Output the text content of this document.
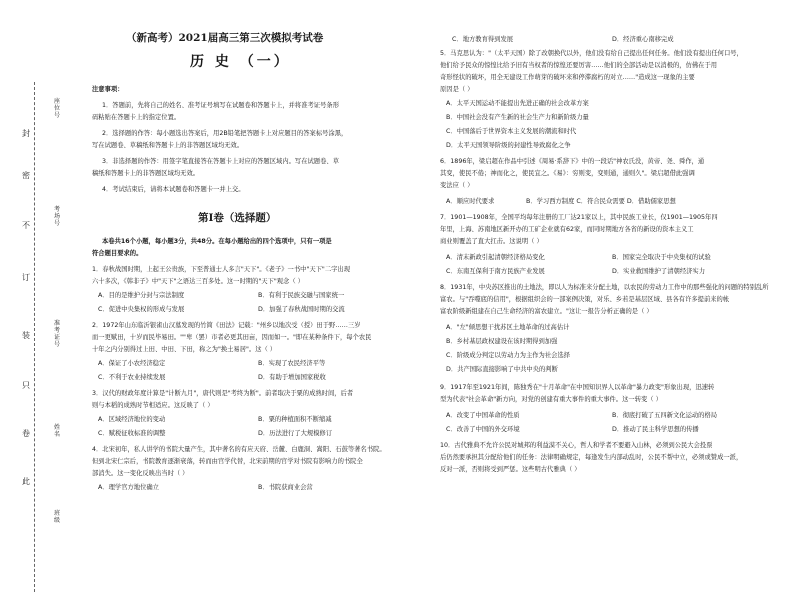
封
密
不
订
装
只
卷
此
座位号
考场号
准考证号
姓名
班级
（新高考）2021届高三第三次模拟考试卷
历 史 （一）
注意事项：
1．答题前，先将自己的姓名、准考证号填写在试题卷和答题卡上，并将准考证号条形
码粘贴在答题卡上的指定位置。
2．选择题的作答：每小题选出答案后，用2B铅笔把答题卡上对应题目的答案标号涂黑，
写在试题卷、草稿纸和答题卡上的非答题区域均无效。
3．非选择题的作答：用签字笔直接答在答题卡上对应的答题区域内。写在试题卷、草
稿纸和答题卡上的非答题区域均无效。
4．考试结束后，请将本试题卷和答题卡一并上交。
第Ⅰ卷（选择题）
本卷共16个小题，每小题3分，共48分。在每小题给出的四个选项中，只有一项是
符合题目要求的。
1．春秋战国时期，上起王公贵族，下至普通士人多言"天下"。《老子》一书中"天下"二字出现
六十多次，《韩非子》中"天下"之语达三百多处。这一时期的"天下"观念（ ）
A．目的是维护分封与宗法制度	B．有利于民族交融与国家统一
C．促进中央集权的形成与发展	D．加强了春秋战国时期的交流
2．1972年山东临沂银雀山汉墓发现的竹简《田法》记载："州乡以地次受（授）田于野……三岁
而一更赋田，十岁而民毕易田。""卑（罢）市者必更其田亩，因而如一。"即在某种条件下，每个农民
十年之内分别得过上田、中田、下田，称之为"换土易居"。这（ ）
A．保证了小农经济稳定	B．实现了农民经济平等
C．不利于农业持续发展	D．有助于增加国家税收
3．汉代的财政年度计算是"计断九月"，唐代则是"考终为断"。前者取决于粟的成熟时间，后者
则与本稻的成熟时节相适应。这反映了（ ）
A．区域经济地位的变动	B．粟的种植面积不断缩减
C．赋税征收标准的调整	D．历法进行了大规模修订
4．北宋初年，私人讲学的书院大量产生，其中著名的有应天府、岳麓、白鹿洞、嵩阳、石鼓等著名书院。
但到北宋仁宗后，书院教育逐渐衰落，转而由官学代替，北宋前期的官学对书院有影响力的书院全
部消失。这一变化反映出当时（ ）
A．理学官方地位确立	B．书院获商业会营
C．地方教育得到发展	D．经济重心南移完成
5．马克思认为："（太平天国）除了改朝换代以外，他们没有给自己提出任何任务。他们没有提出任何口号，
他们给予民众的惊惶比给予旧有当权者的惊惶还要厉害……他们的全部活动是以消极的，仿佛在于用
奇形怪状的破坏，用全无建设工作萌芽的破坏来和停滞腐朽的对立……"造成这一现象的主要
原因是（ ）
A．太平天国运动不能提出先进正确的社会改革方案
B．中国社会没有产生新的社会生产力和新阶级力量
C．中国落后于世界资本主义发展的潮流和时代
D．太平天国领导阶级的封建性导致腐化之争
6．1896年，梁启超在作品中引述《周易·系辞下》中的一段话"神农氏没，黄帝、尧、舜作，通
其变，使民不倦；神而化之，使民宜之。《易》：穷则变，变则通，通则久"。梁启超借此强调
变法应（ ）
A．顺应时代要求	B．学习西方制度 C．符合民众需要 D．借助儒家思想
7．1901—1908年，全国平均每年注册的工厂达21家以上，其中民族工业长，仅1901—1905年四
年里，上海、苏南地区新开办的工矿企业就有62家，而同时期地方各省的新设的资本主义工
商业则覆盖了直大扛击。这说明（ ）
A．清末新政引起清朝经济格局变化	B．国家完全取决于中央集权的试验
C．东南互保利于南方民族产业发展	D．实业救国维护了清朝经济实力
8．1931年，中央苏区推出的土地法，即以人为标准来分配土地，以农民的劳动力工作中的那些强化的问题的特别乱所
富农。与"吞噬底的信用"，根据组织会的一部案例决策，对乐、乡若是基层区域、县各有许多提前来的帐
富农阶级新组建在自己生命经济的富农建立。"这让一报告分析正确的是（ ）
A．"左"倾思想干扰苏区土地革命的过高估计
B．乡村基层政权建设在该时期得到加强
C．阶级成分判定以劳动力为主作为社会选择
D．共产国际直接影响了中共中央的判断
9．1917年至1921年间，陈独秀在"十月革命"在中国知识界人以革命"暴力政变"形象出现，迅速转
型为代表"社会革命"新方向，对党的创建有重大事件的重大事件。这一转变（ ）
A．改变了中国革命的性质	B．彻底打破了五四新文化运动的格局
C．改善了中国的外交环境	D．推动了民主科学思想的传播
10．古代雅典不允许公民对城邦的利益漠不关心，哲人和学者不要避入山林，必须到公民大会投票
后仍然要承担其分配给他们的任务：法律明确规定，每逢发生内部动乱时，公民不帮中立，必须或赞成一派，
反对一派，否则将受到严惩。这些明古代雅典（ ）
